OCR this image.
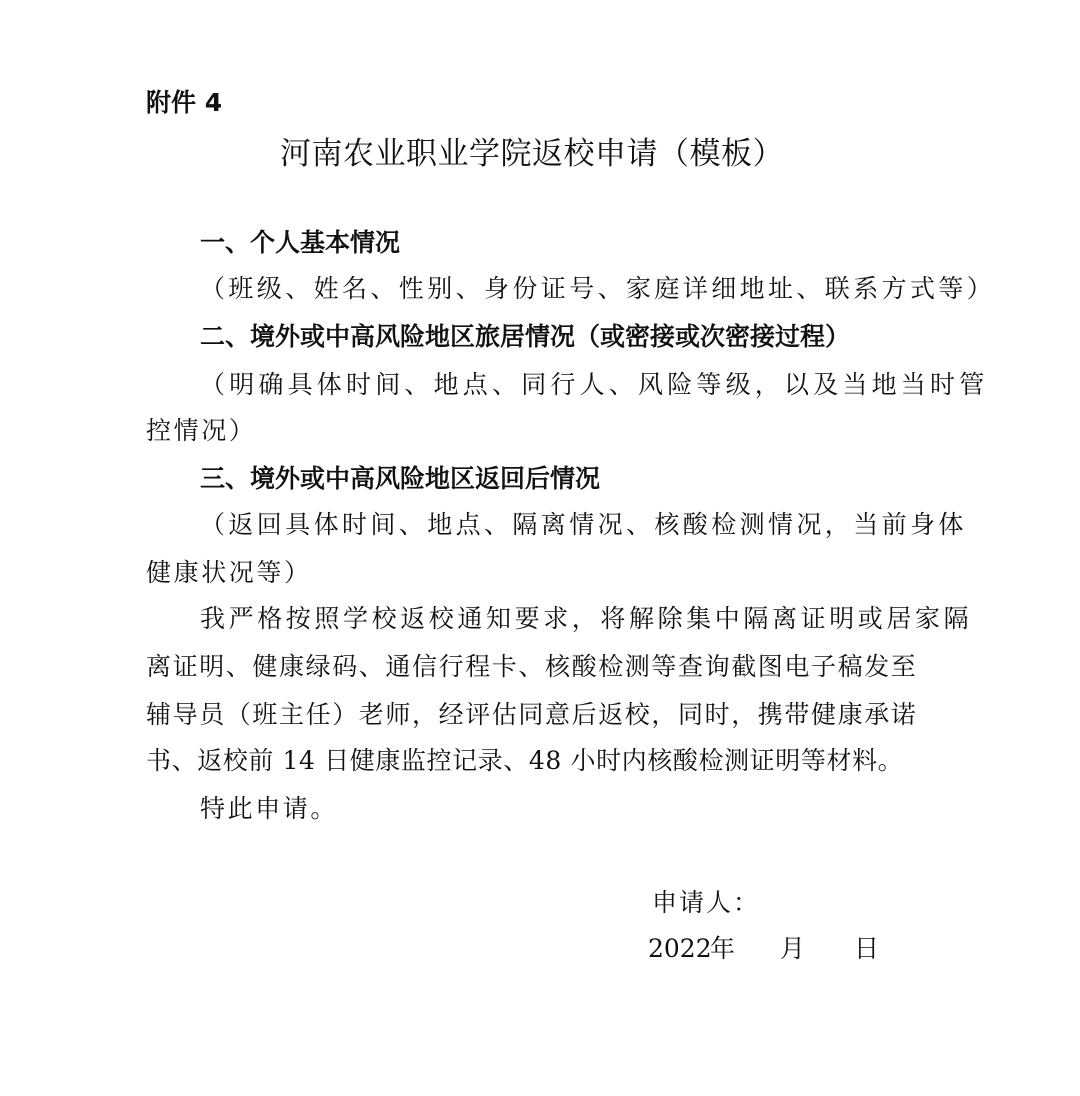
附件 4
河南农业职业学院返校申请（模板）
一、个人基本情况
（班级、姓名、性别、身份证号、家庭详细地址、联系方式等）
二、境外或中高风险地区旅居情况（或密接或次密接过程）
（明确具体时间、地点、同行人、风险等级，以及当地当时管
控情况）
三、境外或中高风险地区返回后情况
（返回具体时间、地点、隔离情况、核酸检测情况，当前身体
健康状况等）
我严格按照学校返校通知要求，将解除集中隔离证明或居家隔
离证明、健康绿码、通信行程卡、核酸检测等查询截图电子稿发至
辅导员（班主任）老师，经评估同意后返校，同时，携带健康承诺
书、返校前 14 日健康监控记录、48 小时内核酸检测证明等材料。
特此申请。
申请人：
2022年 月 日
